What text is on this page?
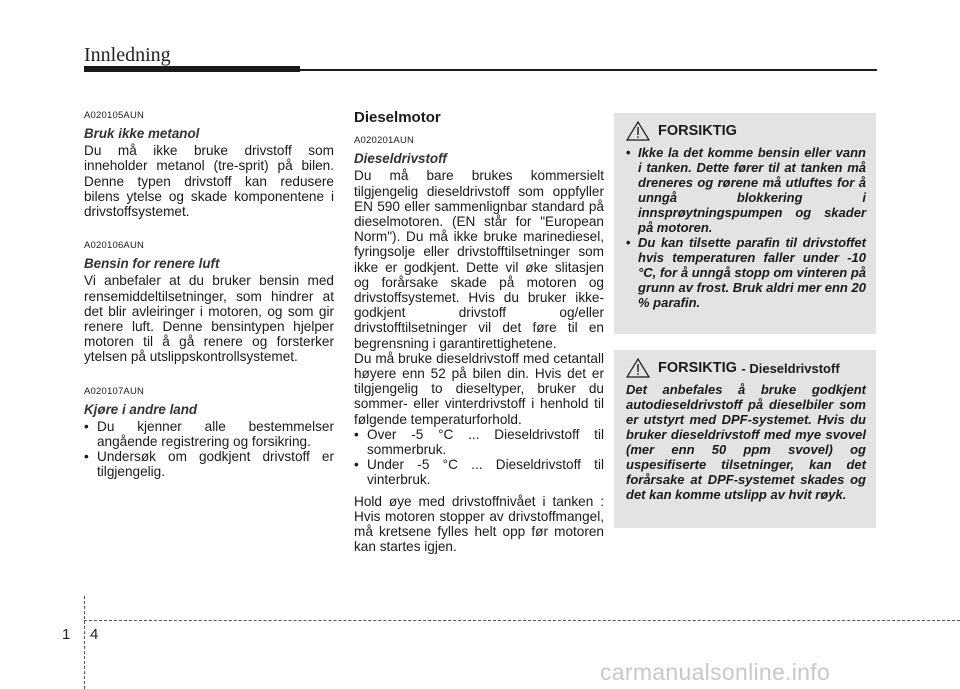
Innledning

A020105AUN

Bruk ikke metanol

Du må ikke bruke drivstoff som inneholder metanol (tre-sprit) på bilen. Denne typen drivstoff kan redusere bilens ytelse og skade komponentene i drivstoffsystemet.

A020106AUN

Bensin for renere luft

Vi anbefaler at du bruker bensin med rensemiddeltilsetninger, som hindrer at det blir avleiringer i motoren, og som gir renere luft. Denne bensintypen hjelper motoren til å gå renere og forsterker ytelsen på utslippskontrollsystemet.

A020107AUN

Kjøre i andre land

• Du kjenner alle bestemmelser angående registrering og forsikring.
• Undersøk om godkjent drivstoff er tilgjengelig.

Dieselmotor

A020201AUN

Dieseldrivstoff

Du må bare brukes kommersielt tilgjengelig dieseldrivstoff som oppfyller EN 590 eller sammenlignbar standard på dieselmotoren. (EN står for "European Norm"). Du må ikke bruke marinediesel, fyringsolje eller drivstofftilsetninger som ikke er godkjent. Dette vil øke slitasjen og forårsake skade på motoren og drivstoffsystemet. Hvis du bruker ikke-godkjent drivstoff og/eller drivstofftilsetninger vil det føre til en begrensning i garantirettighetene.

Du må bruke dieseldrivstoff med cetantall høyere enn 52 på bilen din. Hvis det er tilgjengelig to dieseltyper, bruker du sommer- eller vinterdrivstoff i henhold til følgende temperaturforhold.

• Over -5 °C ... Dieseldrivstoff til sommerbruk.
• Under -5 °C ... Dieseldrivstoff til vinterbruk.

Hold øye med drivstoffnivået i tanken : Hvis motoren stopper av drivstoffmangel, må kretsene fylles helt opp før motoren kan startes igjen.

FORSIKTIG
• Ikke la det komme bensin eller vann i tanken. Dette fører til at tanken må dreneres og rørene må utluftes for å unngå blokkering i innsprøytningspumpen og skader på motoren.
• Du kan tilsette parafin til drivstoffet hvis temperaturen faller under -10 °C, for å unngå stopp om vinteren på grunn av frost. Bruk aldri mer enn 20 % parafin.
FORSIKTIG
- Dieseldrivstoff

Det anbefales å bruke godkjent autodieseldrivstoff på dieselbiler som er utstyrt med DPF-systemet. Hvis du bruker dieseldrivstoff med mye svovel (mer enn 50 ppm svovel) og uspesifiserte tilsetninger, kan det forårsake at DPF-systemet skades og det kan komme utslipp av hvit røyk.

1 4
carmanualsonline.info
